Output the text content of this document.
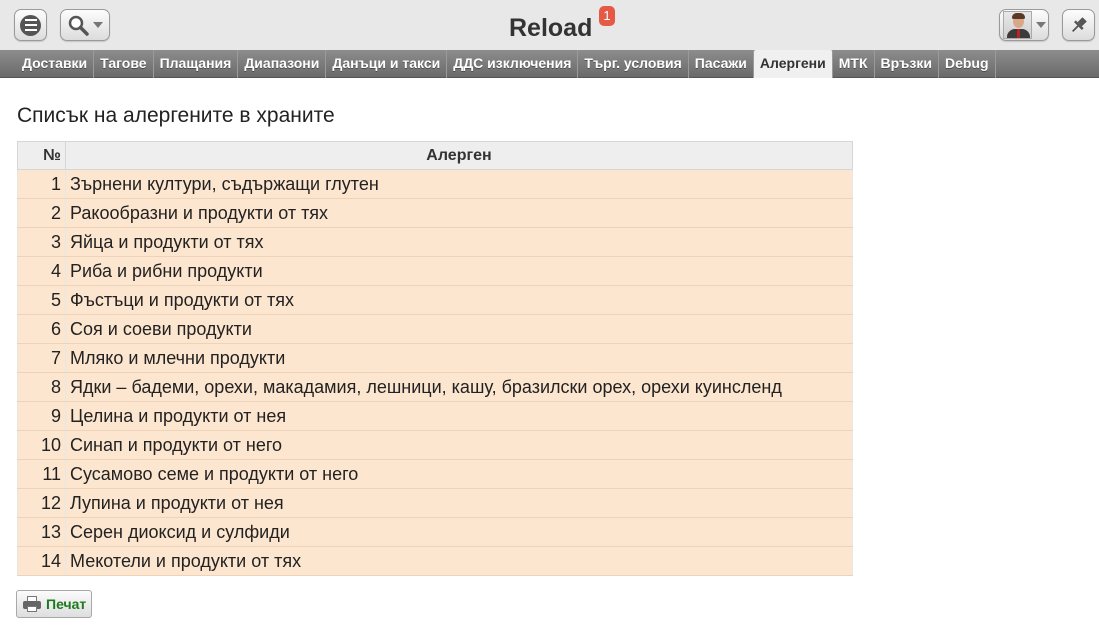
Reload 1
Доставки Тагове Плащания Диапазони Данъци и такси ДДС изключения Търг. условия Пасажи Алергени МТК Връзки Debug
Списък на алергените в храните
№	Алерген
1	Зърнени култури, съдържащи глутен
2	Ракообразни и продукти от тях
3	Яйца и продукти от тях
4	Риба и рибни продукти
5	Фъстъци и продукти от тях
6	Соя и соеви продукти
7	Мляко и млечни продукти
8	Ядки – бадеми, орехи, макадамия, лешници, кашу, бразилски орех, орехи куинсленд
9	Целина и продукти от нея
10	Синап и продукти от него
11	Сусамово семе и продукти от него
12	Лупина и продукти от нея
13	Серен диоксид и сулфиди
14	Мекотели и продукти от тях
Печат
